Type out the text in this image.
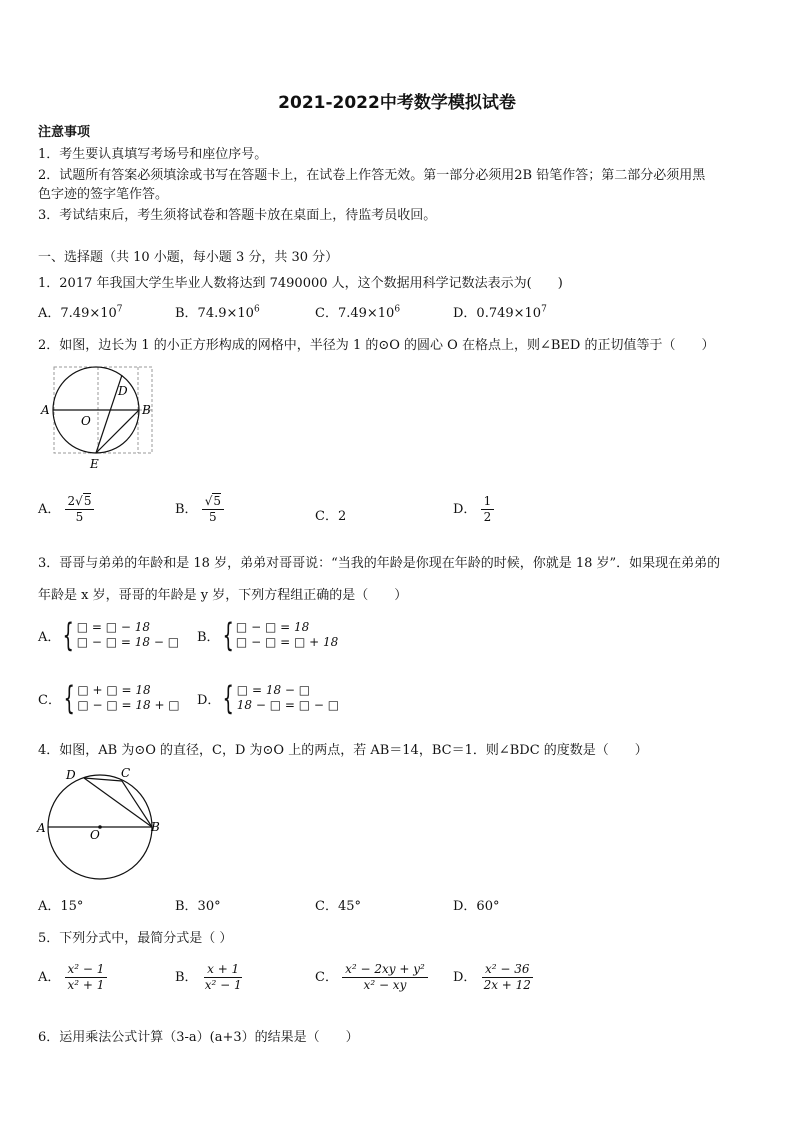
2021-2022中考数学模拟试卷
注意事项
1．考生要认真填写考场号和座位序号。
2．试题所有答案必须填涂或书写在答题卡上，在试卷上作答无效。第一部分必须用2B 铅笔作答；第二部分必须用黑
色字迹的签字笔作答。
3．考试结束后，考生须将试卷和答题卡放在桌面上，待监考员收回。
一、选择题（共 10 小题，每小题 3 分，共 30 分）
1．2017 年我国大学生毕业人数将达到 7490000 人，这个数据用科学记数法表示为(　　)
A．$7.49\times 10^7$	B．$74.9\times 10^6$	C．$7.49\times 10^6$	D．$0.749\times 10^7$
2．如图，边长为 1 的小正方形构成的网格中，半径为 1 的⊙O 的圆心 O 在格点上，则∠BED 的正切值等于（　　）
A	B
D
O
E
A． $\frac{2√5}{5}$	B． $\frac{√5}{5}$	C．2	D． $\frac{1}{2}$
3．哥哥与弟弟的年龄和是 18 岁，弟弟对哥哥说：“当我的年龄是你现在年龄的时候，你就是 18 岁”．如果现在弟弟的
年龄是 x 岁，哥哥的年龄是 y 岁，下列方程组正确的是（　　）
A． { □ = □ − 18
□ − □ = 18 − □ B． { □ − □ = 18
□ − □ = □ + 18
C． { □ + □ = 18
□ − □ = 18 + □ D． { □ = 18 − □
18 − □ = □ − □
4．如图，AB 为⊙O 的直径，C，D 为⊙O 上的两点，若 AB＝14，BC＝1．则∠BDC 的度数是（　　）
A	B
C
D
O
A．15°	B．30°	C．45°	D．60°
5．下列分式中，最简分式是（ ）
A． $\frac{\text{x² − 1}}{\text{x² + 1}}$	B． $\frac{x + 1}{\text{x² − 1}}$	C． $\frac{\text{x² − 2xy + y²}}{\text{x² − xy}}$ D． $\frac{\text{x² − 36}}{2x + 12}$
6．运用乘法公式计算（3-a）(a+3）的结果是（　　）
